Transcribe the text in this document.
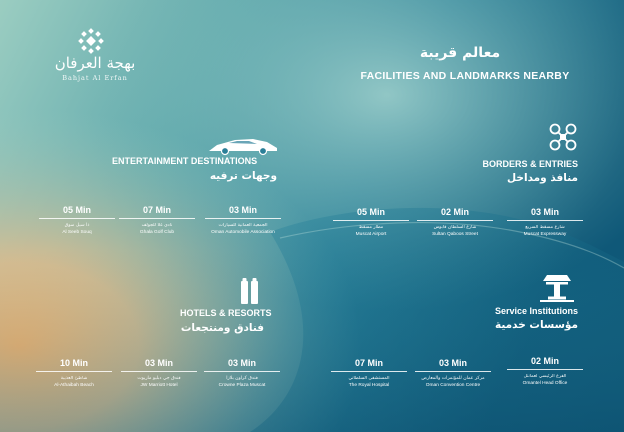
بهجة العرفان
Bahjat Al Erfan
معالم قريبة
FACILITIES AND LANDMARKS NEARBY
ENTERTAINMENT DESTINATIONS
وجهات ترفيه
05 Min
ذا سيل سوق
Al Seeb Souq
07 Min
نادي غلا للجولف
Ghala Golf Club
03 Min
الجمعية العمانية للسيارات
Oman Automobile Association
BORDERS & ENTRIES
منافذ ومداخل
05 Min
مطار مسقط
Muscat Airport
02 Min
شارع السلطان قابوس
Sultan Qaboos Street
03 Min
شارع مسقط السريع
Muscat Expressway
HOTELS & RESORTS
فنادق ومنتجعات
10 Min
شاطئ العذيبة
Al-Athaibah Beach
03 Min
فندق جي دبليو ماريوت
JW Marriott Hotel
03 Min
فندق كراون بلازا
Crowne Plaza Muscat
Service Institutions
مؤسسات خدمية
07 Min
المستشفى السلطاني
The Royal Hospital
03 Min
مركز عمان للمؤتمرات والمعارض
Oman Convention Centre
02 Min
الفرع الرئيسي لعمانتل
Omantel Head Office
